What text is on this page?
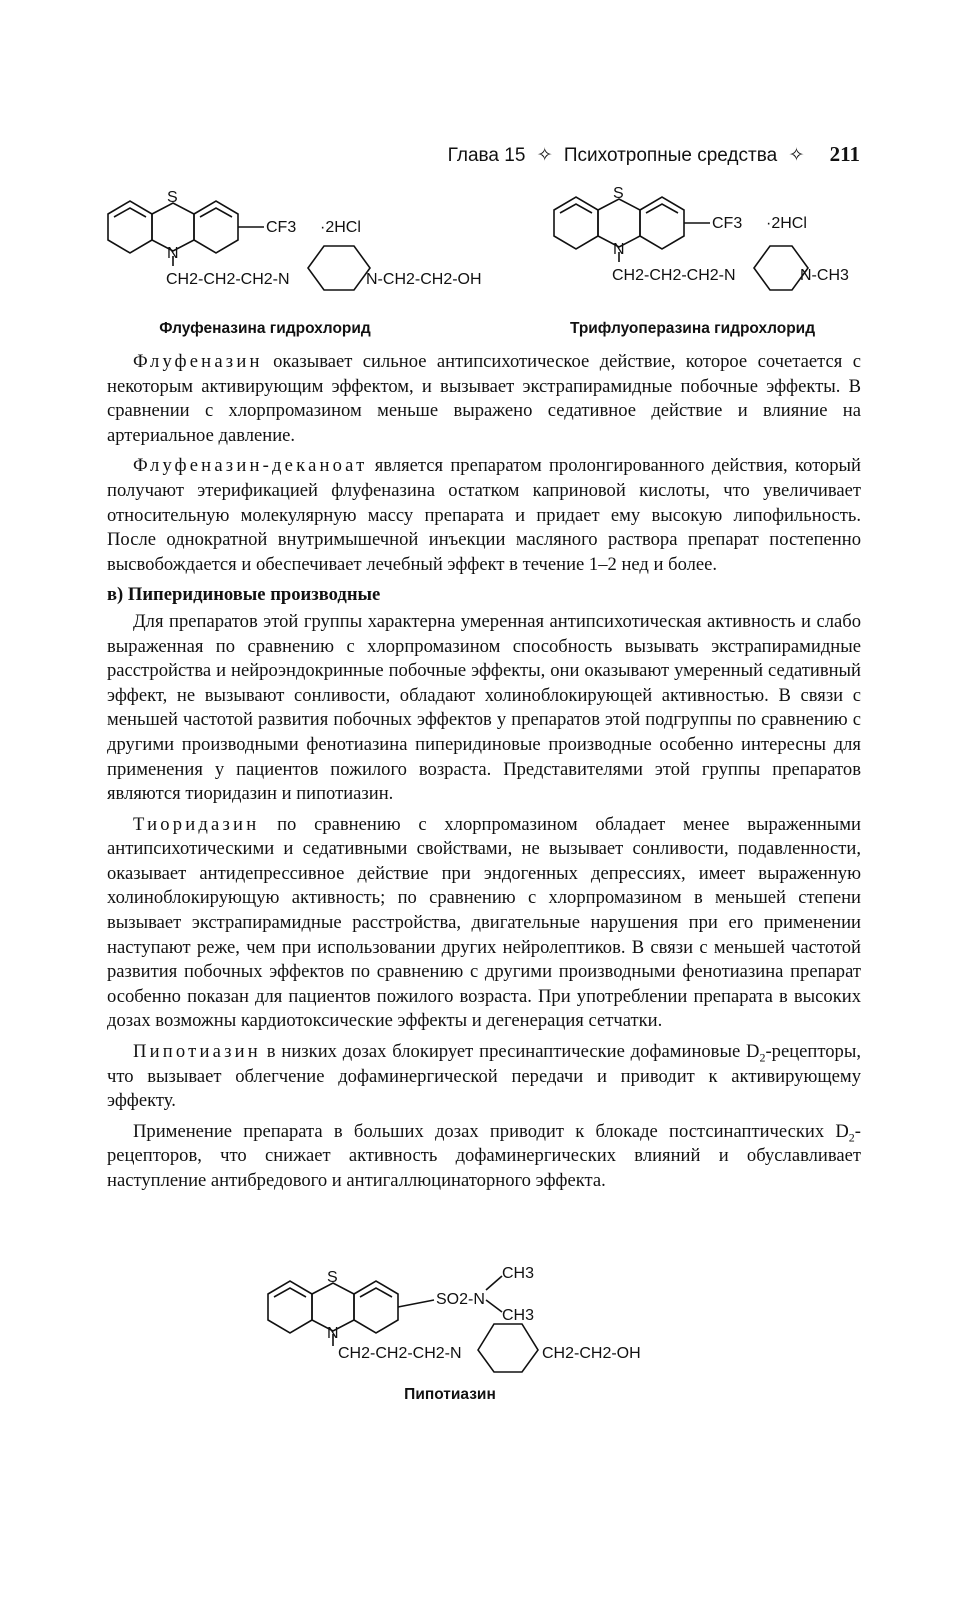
Глава 15 ✧ Психотропные средства ✧ 211
S
N
CF3 ·2HCl
CH2-CH2-CH2-N	N-CH2-CH2-OH
Флуфеназина гидрохлорид
S
N
CF3 ·2HCl
CH2-CH2-CH2-N	N-CH3
Трифлуоперазина гидрохлорид

Флуфеназин оказывает сильное антипсихотическое действие, которое сочетается с некоторым активирующим эффектом, и вызывает экстрапирамидные побочные эффекты. В сравнении с хлорпромазином меньше выражено седативное действие и влияние на артериальное давление.

Флуфеназин-деканоат является препаратом пролонгированного действия, который получают этерификацией флуфеназина остатком каприновой кислоты, что увеличивает относительную молекулярную массу препарата и придает ему высокую липофильность. После однократной внутримышечной инъекции масляного раствора препарат постепенно высвобождается и обеспечивает лечебный эффект в течение 1–2 нед и более.

в) Пиперидиновые производные

Для препаратов этой группы характерна умеренная антипсихотическая активность и слабо выраженная по сравнению с хлорпромазином способность вызывать экстрапирамидные расстройства и нейроэндокринные побочные эффекты, они оказывают умеренный седативный эффект, не вызывают сонливости, обладают холиноблокирующей активностью. В связи с меньшей частотой развития побочных эффектов у препаратов этой подгруппы по сравнению с другими производными фенотиазина пиперидиновые производные особенно интересны для применения у пациентов пожилого возраста. Представителями этой группы препаратов являются тиоридазин и пипотиазин.

Тиоридазин по сравнению с хлорпромазином обладает менее выраженными антипсихотическими и седативными свойствами, не вызывает сонливости, подавленности, оказывает антидепрессивное действие при эндогенных депрессиях, имеет выраженную холиноблокирующую активность; по сравнению с хлорпромазином в меньшей степени вызывает экстрапирамидные расстройства, двигательные нарушения при его применении наступают реже, чем при использовании других нейролептиков. В связи с меньшей частотой развития побочных эффектов по сравнению с другими производными фенотиазина препарат особенно показан для пациентов пожилого возраста. При употреблении препарата в высоких дозах возможны кардиотоксические эффекты и дегенерация сетчатки.

Пипотиазин в низких дозах блокирует пресинаптические дофаминовые $D_2$-рецепторы, что вызывает облегчение дофаминергической передачи и приводит к активирующему эффекту.

Применение препарата в больших дозах приводит к блокаде постсинаптических $D_2$-рецепторов, что снижает активность дофаминергических влияний и обуславливает наступление антибредового и антигаллюцинаторного эффекта.

S
N
SO2-N
CH3
CH3
CH2-CH2-CH2-N	CH2-CH2-OH
Пипотиазин
